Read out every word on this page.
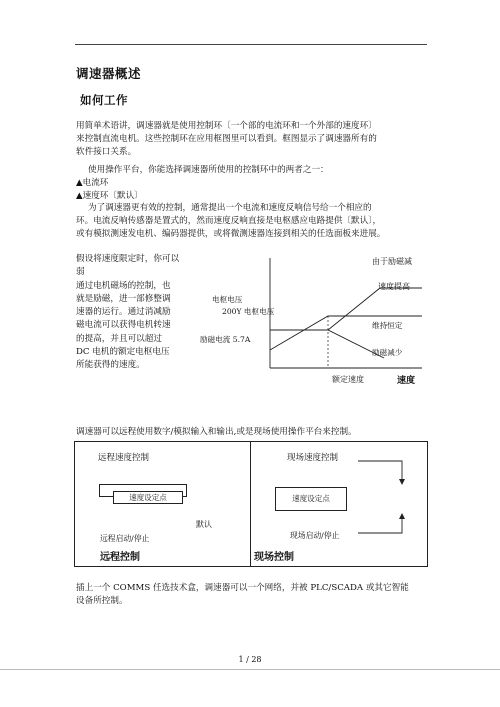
调速器概述
如何工作
用简单术语讲，调速器就是使用控制环〔一个部的电流环和一个外部的速度环〕
来控制直流电机。这些控制环在应用框图里可以看到。框图显示了调速器所有的
软件接口关系。
使用操作平台，你能选择调速器所使用的控制环中的两者之一：
▲电流环
▲速度环〔默认〕
为了调速器更有效的控制，通常提出一个电流和速度反响信号给一个相应的
环。电流反响传感器是置式的，然而速度反响直接是电枢感应电路提供〔默认〕，
或有模拟测速发电机、编码器提供，或将微测速器连接到相关的任选面板来进展。
假设将速度限定时，你可以
弱
通过电机磁场的控制，也
就是励磁，进一部修整调
速器的运行。通过消减励
磁电流可以获得电机转速
的提高，并且可以超过
DC 电机的额定电枢电压
所能获得的速度。
由于励磁减
速度提高
电枢电压
200Y 电枢电压
维持恒定
励磁电流 5.7A
励磁减少
额定速度	速度
调速器可以远程使用数字/模拟输入和输出,或是现场使用操作平台来控制。
远程速度控制
速度设定点
默认
远程启动/停止
远程控制
现场速度控制
速度设定点
现场启动/停止
现场控制
插上一个 COMMS 任选技术盒，调速器可以一个网络，并被 PLC/SCADA 或其它智能
设备所控制。
1 / 28
